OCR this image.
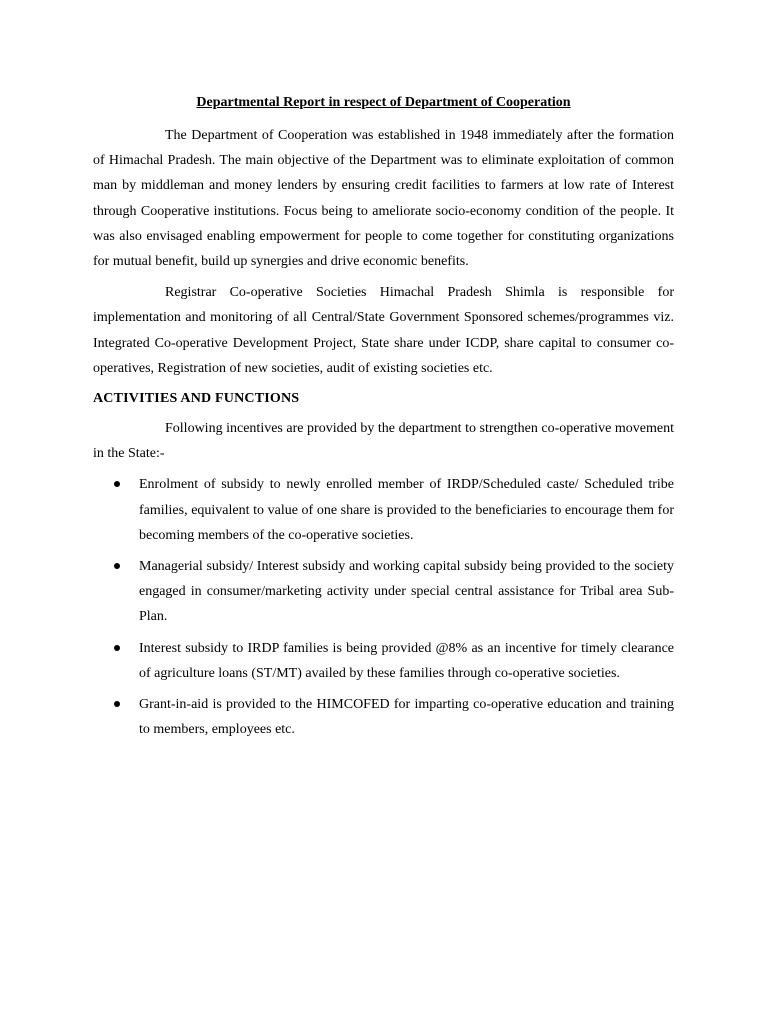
Departmental Report in respect of Department of Cooperation

The Department of Cooperation was established in 1948 immediately after the formation of Himachal Pradesh. The main objective of the Department was to eliminate exploitation of common man by middleman and money lenders by ensuring credit facilities to farmers at low rate of Interest through Cooperative institutions. Focus being to ameliorate socio-economy condition of the people. It was also envisaged enabling empowerment for people to come together for constituting organizations for mutual benefit, build up synergies and drive economic benefits.

Registrar Co-operative Societies Himachal Pradesh Shimla is responsible for implementation and monitoring of all Central/State Government Sponsored schemes/programmes viz. Integrated Co-operative Development Project, State share under ICDP, share capital to consumer co-operatives, Registration of new societies, audit of existing societies etc.

ACTIVITIES AND FUNCTIONS

Following incentives are provided by the department to strengthen co-operative movement in the State:-

Enrolment of subsidy to newly enrolled member of IRDP/Scheduled caste/ Scheduled tribe families, equivalent to value of one share is provided to the beneficiaries to encourage them for becoming members of the co-operative societies.
Managerial subsidy/ Interest subsidy and working capital subsidy being provided to the society engaged in consumer/marketing activity under special central assistance for Tribal area Sub-Plan.
Interest subsidy to IRDP families is being provided @8% as an incentive for timely clearance of agriculture loans (ST/MT) availed by these families through co-operative societies.
Grant-in-aid is provided to the HIMCOFED for imparting co-operative education and training to members, employees etc.
